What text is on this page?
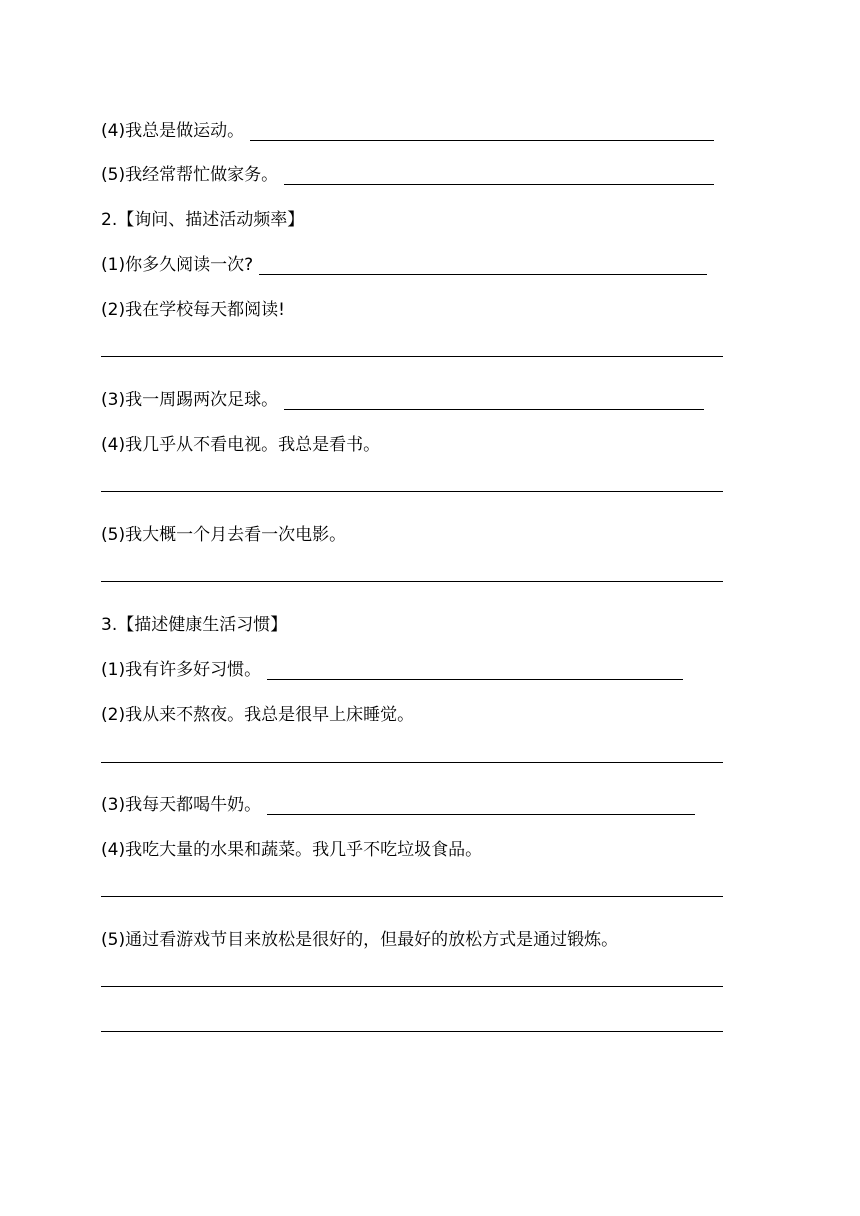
(4)我总是做运动。
(5)我经常帮忙做家务。
2.【询问、描述活动频率】
(1)你多久阅读一次?
(2)我在学校每天都阅读!
(3)我一周踢两次足球。
(4)我几乎从不看电视。我总是看书。
(5)我大概一个月去看一次电影。
3.【描述健康生活习惯】
(1)我有许多好习惯。
(2)我从来不熬夜。我总是很早上床睡觉。
(3)我每天都喝牛奶。
(4)我吃大量的水果和蔬菜。我几乎不吃垃圾食品。
(5)通过看游戏节目来放松是很好的，但最好的放松方式是通过锻炼。
